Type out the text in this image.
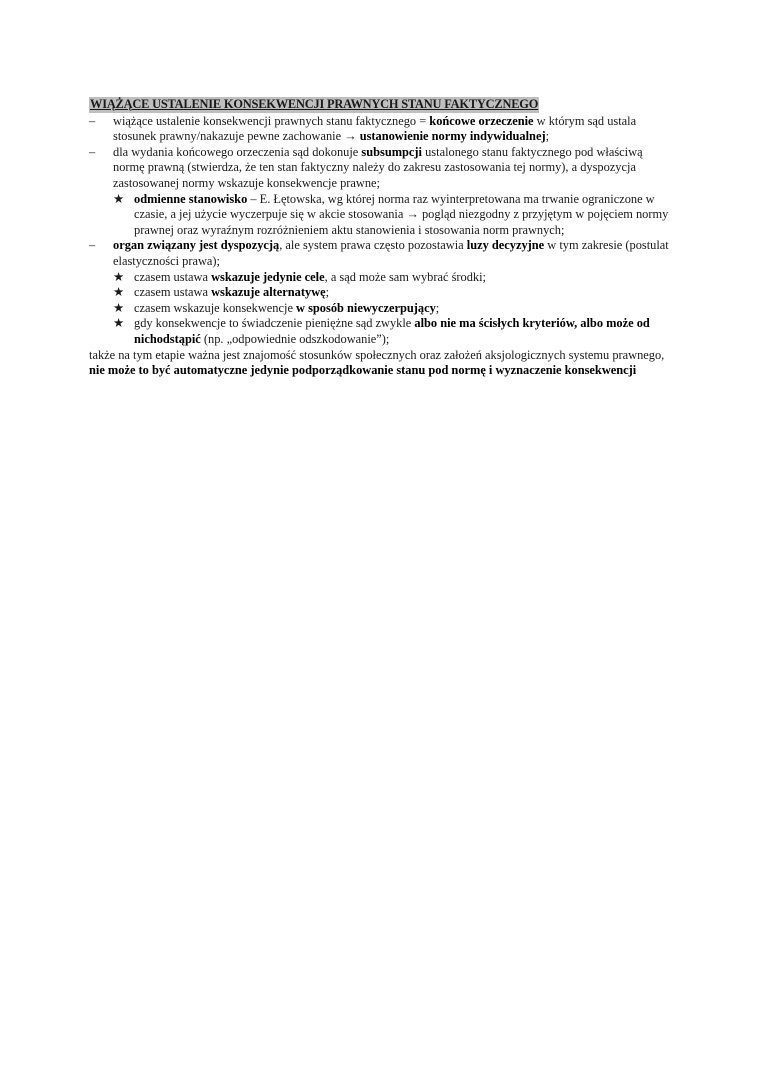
WIĄŻĄCE USTALENIE KONSEKWENCJI PRAWNYCH STANU FAKTYCZNEGO
– wiążące ustalenie konsekwencji prawnych stanu faktycznego = końcowe orzeczenie w którym sąd ustala stosunek prawny/nakazuje pewne zachowanie → ustanowienie normy indywidualnej;
– dla wydania końcowego orzeczenia sąd dokonuje subsumpcji ustalonego stanu faktycznego pod właściwą normę prawną (stwierdza, że ten stan faktyczny należy do zakresu zastosowania tej normy), a dyspozycja zastosowanej normy wskazuje konsekwencje prawne;
★ odmienne stanowisko – E. Łętowska, wg której norma raz wyinterpretowana ma trwanie ograniczone w czasie, a jej użycie wyczerpuje się w akcie stosowania → pogląd niezgodny z przyjętym w pojęciem normy prawnej oraz wyraźnym rozróżnieniem aktu stanowienia i stosowania norm prawnych;
– organ związany jest dyspozycją, ale system prawa często pozostawia luzy decyzyjne w tym zakresie (postulat elastyczności prawa);
★ czasem ustawa wskazuje jedynie cele, a sąd może sam wybrać środki;
★ czasem ustawa wskazuje alternatywę;
★ czasem wskazuje konsekwencje w sposób niewyczerpujący;
★ gdy konsekwencje to świadczenie pieniężne sąd zwykle albo nie ma ścisłych kryteriów, albo może od nichodstąpić (np. „odpowiednie odszkodowanie”);
także na tym etapie ważna jest znajomość stosunków społecznych oraz założeń aksjologicznych systemu prawnego, nie może to być automatyczne jedynie podporządkowanie stanu pod normę i wyznaczenie konsekwencji
